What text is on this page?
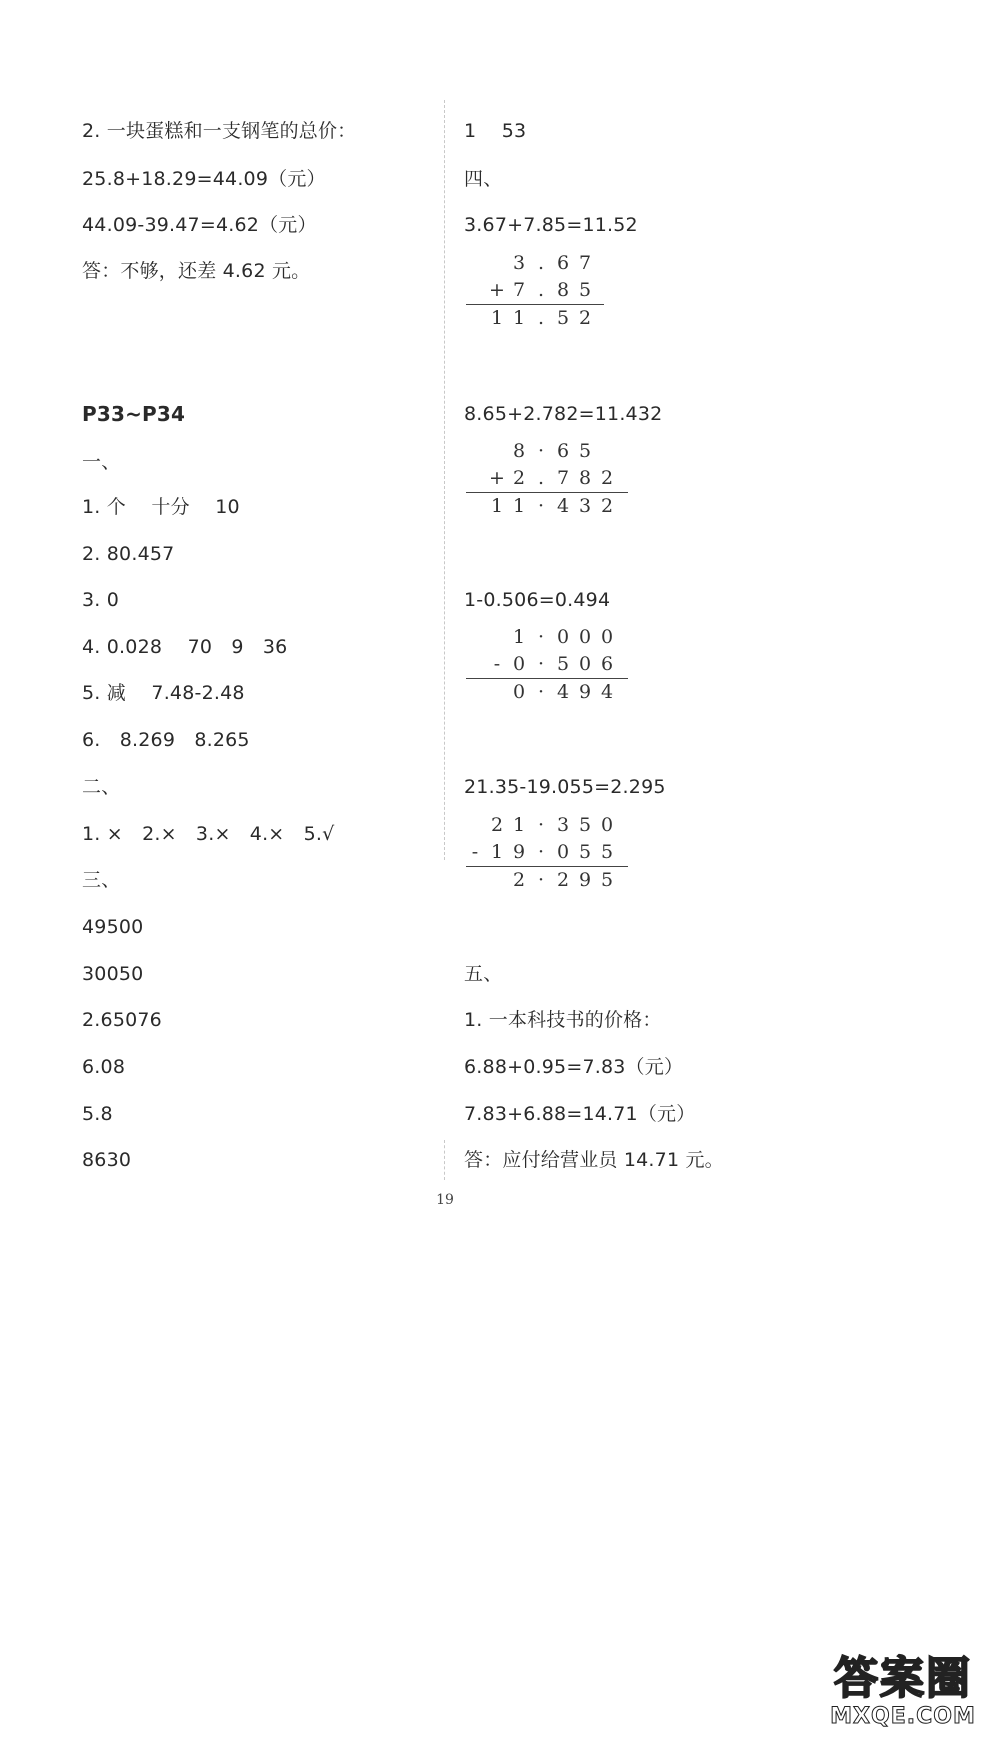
2. 一块蛋糕和一支钢笔的总价：
25.8+18.29=44.09（元）
44.09-39.47=4.62（元）
答：不够，还差 4.62 元。
P33~P34
一、
1. 个　 十分　 10
2. 80.457
3. 0
4. 0.028　 70　9　36
5. 减　 7.48-2.48
6.　8.269　8.265
二、
1. ×　2.×　3.×　4.×　5.√
三、
49500
30050
2.65076
6.08
5.8
8630
1　 53
四、
3.67+7.85=11.52
3 . 6 7
+ 7 . 8 5
1 1 . 5 2
8.65+2.782=11.432
8 · 6 5
+ 2 . 7 8 2
1 1 · 4 3 2
1-0.506=0.494
1 · 0 0 0
- 0 · 5 0 6
0 · 4 9 4
21.35-19.055=2.295
2 1 · 3 5 0
- 1 9 · 0 5 5
2 · 2 9 5
五、
1. 一本科技书的价格：
6.88+0.95=7.83（元）
7.83+6.88=14.71（元）
答：应付给营业员 14.71 元。
19
答案圈
MXQE.COM
